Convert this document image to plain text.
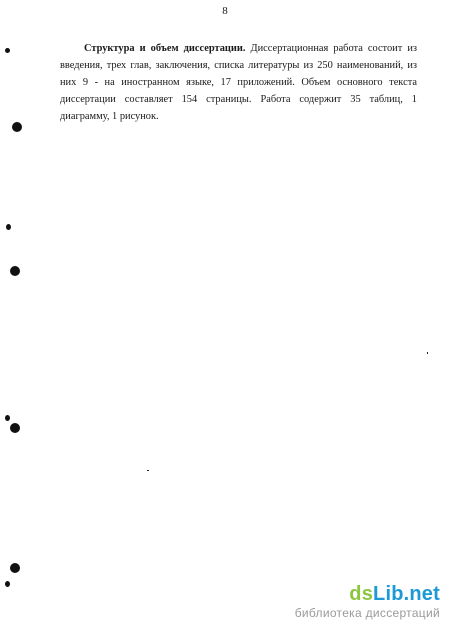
8

Структура и объем диссертации. Диссертационная работа состоит из введения, трех глав, заключения, списка литературы из 250 наименований, из них 9 - на иностранном языке, 17 приложений. Объем основного текста диссертации составляет 154 страницы. Работа содержит 35 таблиц, 1 диаграмму, 1 рисунок.

dsLib.net
библиотека диссертаций
